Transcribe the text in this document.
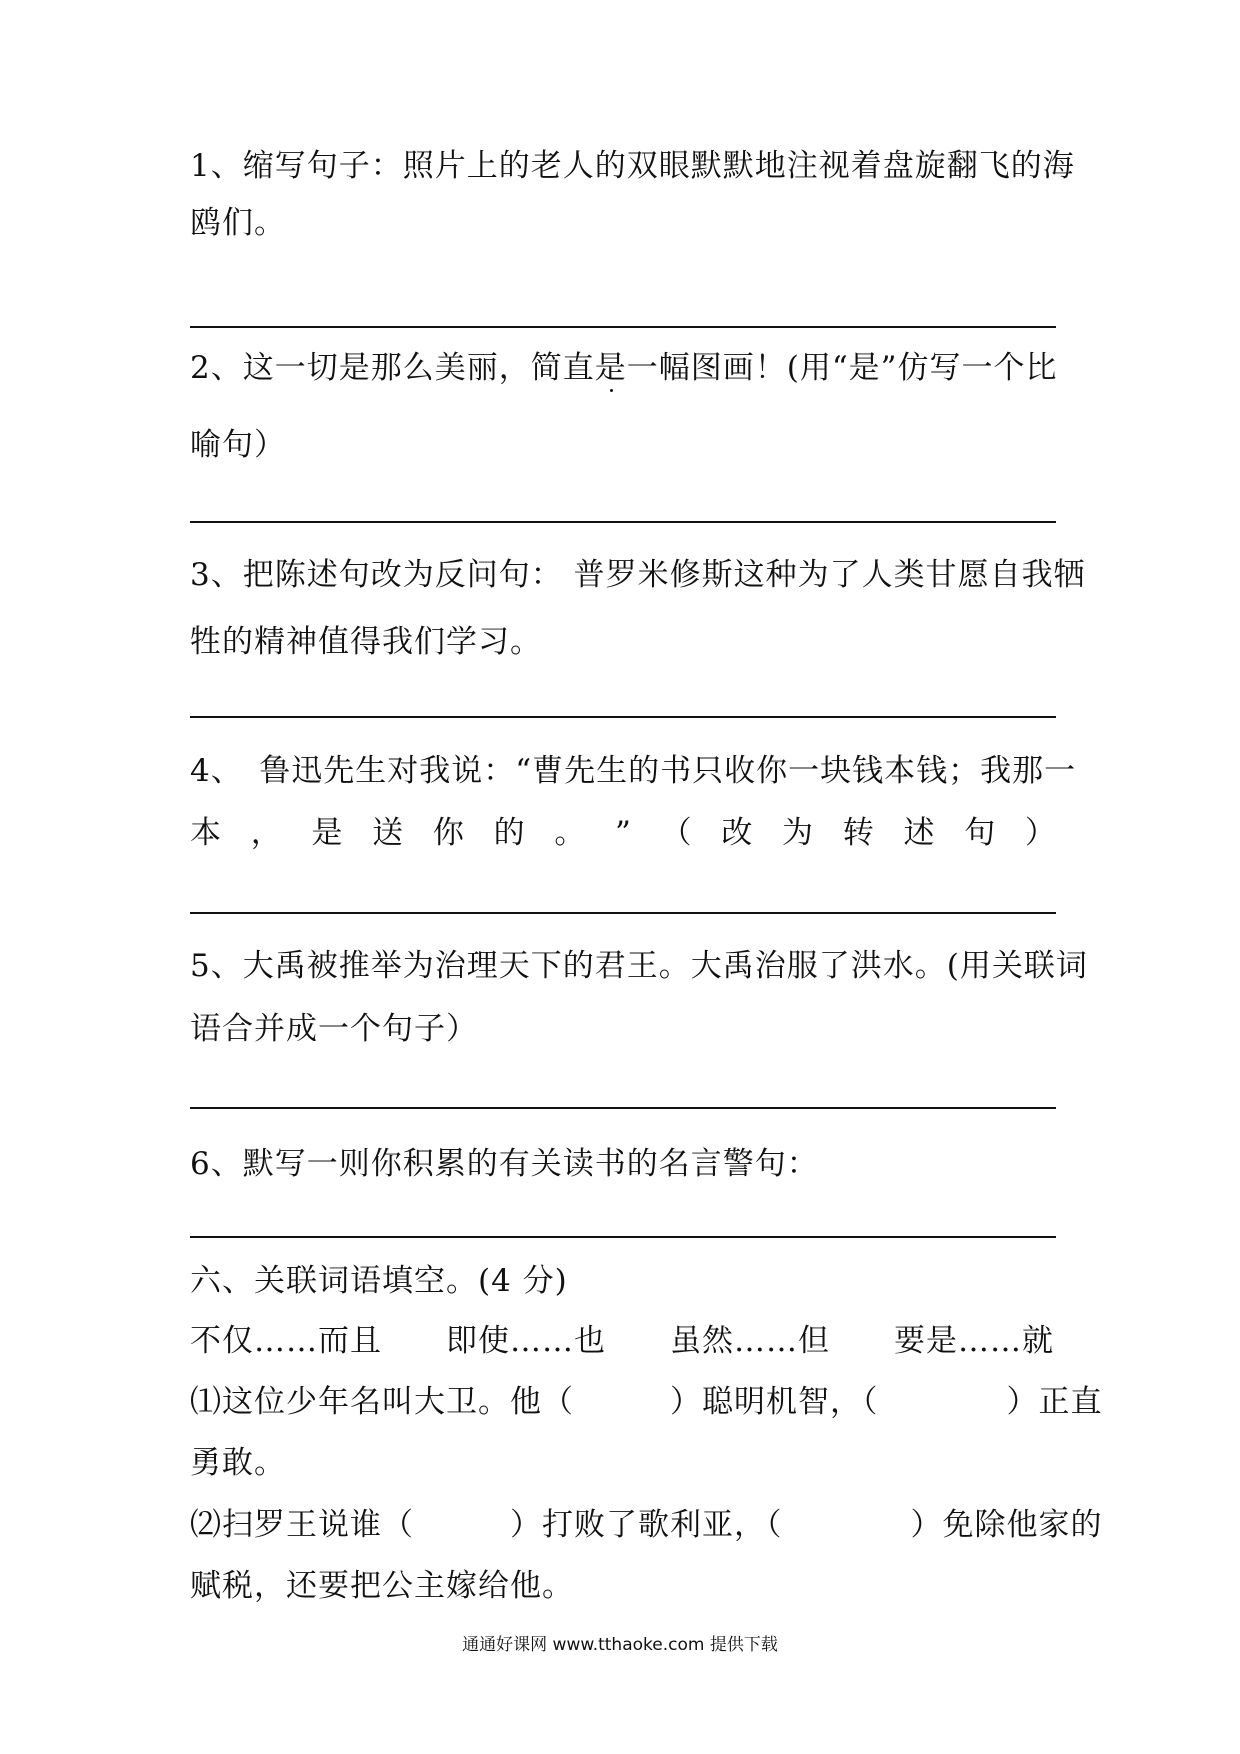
1、缩写句子：照片上的老人的双眼默默地注视着盘旋翻飞的海
鸥们。
2、这一切是那么美丽，简直是一幅图画！(用“是”仿写一个比
喻句）
3、把陈述句改为反问句： 普罗米修斯这种为了人类甘愿自我牺
牲的精神值得我们学习。
4、　鲁迅先生对我说：“曹先生的书只收你一块钱本钱；我那一
本 ， 是 送 你 的 。 ” （ 改 为 转 述 句 ）
5、大禹被推举为治理天下的君王。大禹治服了洪水。(用关联词
语合并成一个句子）
6、默写一则你积累的有关读书的名言警句：
六、关联词语填空。(4 分)
不仅……而且 即使……也 虽然……但 要是……就
⑴这位少年名叫大卫。他（　　　）聪明机智，（　　　　）正直
勇敢。
⑵扫罗王说谁（　　　）打败了歌利亚，（　　　　）免除他家的
赋税，还要把公主嫁给他。
通通好课网 www.tthaoke.com 提供下载
